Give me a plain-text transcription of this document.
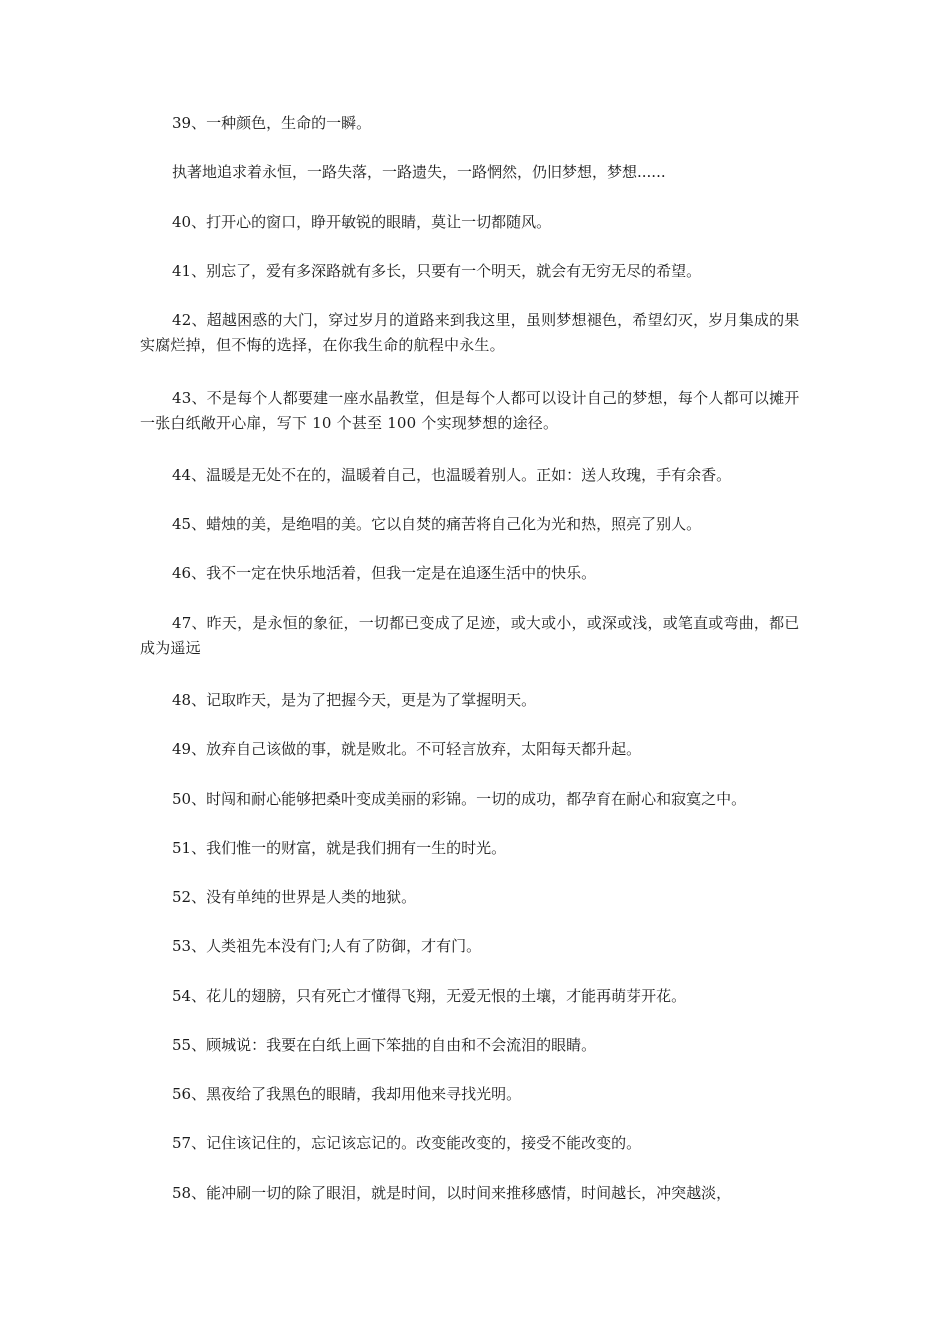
39、一种颜色，生命的一瞬。

执著地追求着永恒，一路失落，一路遗失，一路惘然，仍旧梦想，梦想......

40、打开心的窗口，睁开敏锐的眼睛，莫让一切都随风。

41、别忘了，爱有多深路就有多长，只要有一个明天，就会有无穷无尽的希望。

42、超越困惑的大门，穿过岁月的道路来到我这里，虽则梦想褪色，希望幻灭，岁月集成的果实腐烂掉，但不悔的选择，在你我生命的航程中永生。

43、不是每个人都要建一座水晶教堂，但是每个人都可以设计自己的梦想，每个人都可以摊开一张白纸敞开心扉，写下 10 个甚至 100 个实现梦想的途径。

44、温暖是无处不在的，温暖着自己，也温暖着别人。正如：送人玫瑰，手有余香。

45、蜡烛的美，是绝唱的美。它以自焚的痛苦将自己化为光和热，照亮了别人。

46、我不一定在快乐地活着，但我一定是在追逐生活中的快乐。

47、昨天，是永恒的象征，一切都已变成了足迹，或大或小，或深或浅，或笔直或弯曲，都已成为遥远

48、记取昨天，是为了把握今天，更是为了掌握明天。

49、放弃自己该做的事，就是败北。不可轻言放弃，太阳每天都升起。

50、时闯和耐心能够把桑叶变成美丽的彩锦。一切的成功，都孕育在耐心和寂寞之中。

51、我们惟一的财富，就是我们拥有一生的时光。

52、没有单纯的世界是人类的地狱。

53、人类祖先本没有门;人有了防御，才有门。

54、花儿的翅膀，只有死亡才懂得飞翔，无爱无恨的土壤，才能再萌芽开花。

55、顾城说：我要在白纸上画下笨拙的自由和不会流泪的眼睛。

56、黑夜给了我黑色的眼睛，我却用他来寻找光明。

57、记住该记住的，忘记该忘记的。改变能改变的，接受不能改变的。

58、能冲刷一切的除了眼泪，就是时间，以时间来推移感情，时间越长，冲突越淡，
